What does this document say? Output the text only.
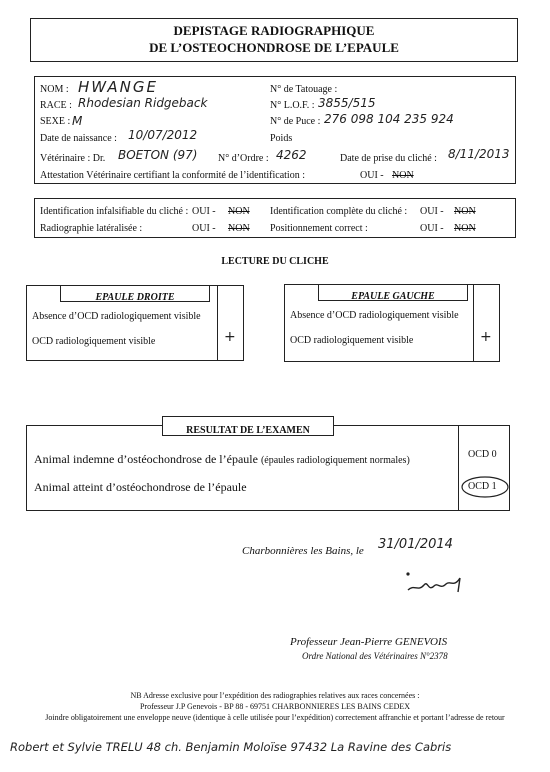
DEPISTAGE RADIOGRAPHIQUE
DE L’OSTEOCHONDROSE DE L’EPAULE
NOM : HWANGE
RACE : Rhodesian Ridgeback
SEXE : M
Date de naissance : 10/07/2012
Vétérinaire : Dr. BOETON (97)
N° de Tatouage :
N° L.O.F. : 3855/515
N° de Puce : 276 098 104 235 924
Poids
N° d’Ordre : 4262	Date de prise du cliché : 8/11/2013
Attestation Vétérinaire certifiant la conformité de l’identification :	OUI - NON
Identification infalsifiable du cliché : OUI - NON Identification complète du cliché : OUI - NON
Radiographie latéralisée :	OUI - NON Positionnement correct :	OUI - NON
LECTURE DU CLICHE
EPAULE DROITE
Absence d’OCD radiologiquement visible
OCD radiologiquement visible	+
EPAULE GAUCHE
Absence d’OCD radiologiquement visible
OCD radiologiquement visible	+
RESULTAT DE L’EXAMEN
Animal indemne d’ostéochondrose de l’épaule (épaules radiologiquement normales)
Animal atteint d’ostéochondrose de l’épaule
OCD 0
OCD 1
Charbonnières les Bains, le 31/01/2014
Professeur Jean-Pierre GENEVOIS
Ordre National des Vétérinaires N°2378
NB Adresse exclusive pour l’expédition des radiographies relatives aux races concernées :
Professeur J.P Genevois - BP 88 - 69751 CHARBONNIERES LES BAINS CEDEX
Joindre obligatoirement une enveloppe neuve (identique à celle utilisée pour l’expédition) correctement affranchie et portant l’adresse de retour
Robert et Sylvie TRELU 48 ch. Benjamin Moloïse 97432 La Ravine des Cabris
